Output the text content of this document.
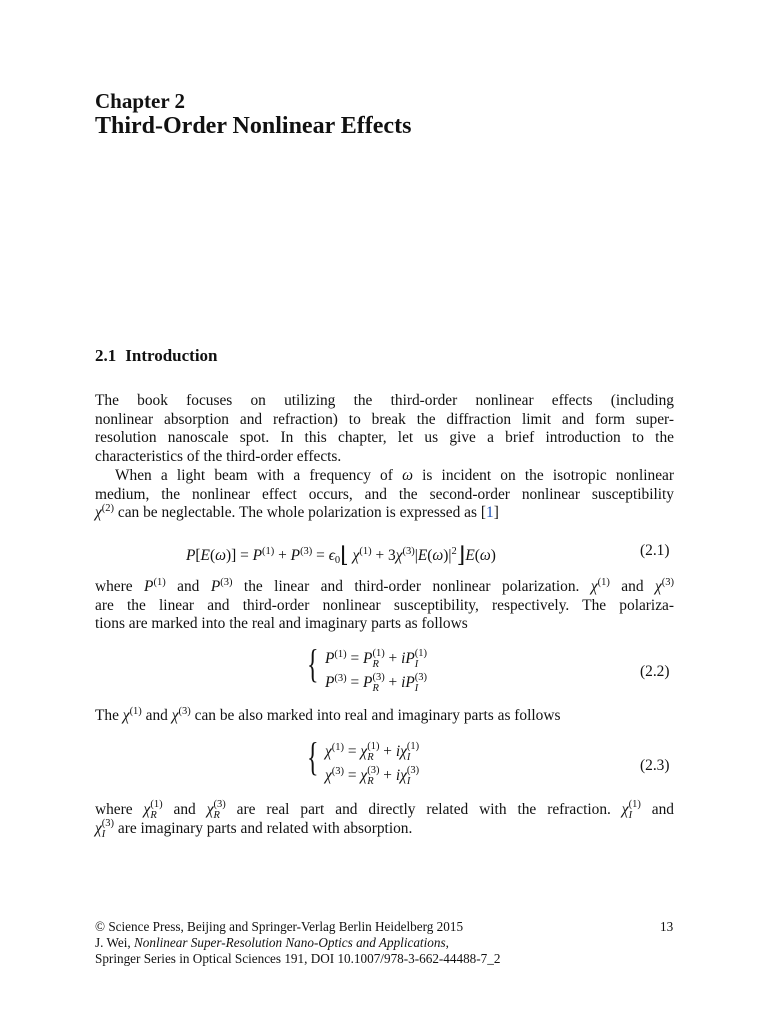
Chapter 2
Third-Order Nonlinear Effects
2.1 Introduction
The book focuses on utilizing the third-order nonlinear effects (including
nonlinear absorption and refraction) to break the diffraction limit and form super-
resolution nanoscale spot. In this chapter, let us give a brief introduction to the
characteristics of the third-order effects.
When a light beam with a frequency of ω is incident on the isotropic nonlinear
medium, the nonlinear effect occurs, and the second-order nonlinear susceptibility
$\chi^{(2)}$ can be neglectable. The whole polarization is expressed as [1]
$P[E(\omega)] = P^{(1)} + P^{(3)}$ = $\epsilon_0⌊$ $\chi^{(1)}$ + $3\chi^{(3)}|E(\omega)|^2⌋E(\omega)$	(2.1)
where $P^{(1)}$ and $P^{(3)}$ the linear and third-order nonlinear polarization. $\chi^{(1)}$ and $\chi^{(3)}$
are the linear and third-order nonlinear susceptibility, respectively. The polariza-
tions are marked into the real and imaginary parts as follows
{ $P^{(1)} = P$ (1)
R + iP (1)
I
$P^{(3)} = P$ (3)
R + iP (3)
I
(2.2)
The $\chi^{(1)}$ and $\chi^{(3)}$ can be also marked into real and imaginary parts as follows
{ $\chi^{(1)} = \chi$ (1)
R + iχ (1)
I
$\chi^{(3)} = \chi$ (3)
R + iχ (3)
I
(2.3)
where χ (1)
R and χ (3)
R are real part and directly related with the refraction. χ (1)
I and
χ (3)
I are imaginary parts and related with absorption.
© Science Press, Beijing and Springer-Verlag Berlin Heidelberg 2015	13
J. Wei, Nonlinear Super-Resolution Nano-Optics and Applications,
Springer Series in Optical Sciences 191, DOI 10.1007/978-3-662-44488-7_2
